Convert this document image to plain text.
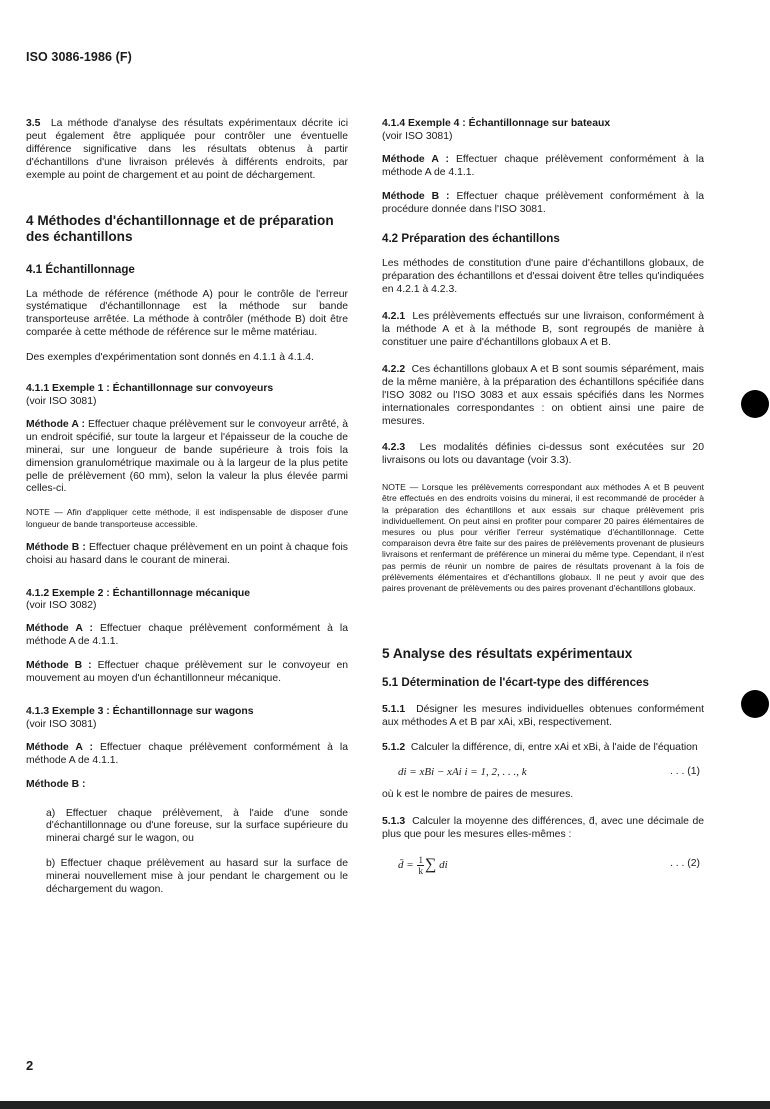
ISO 3086-1986 (F)

3.5 La méthode d'analyse des résultats expérimentaux décrite ici peut également être appliquée pour contrôler une éventuelle différence significative dans les résultats obtenus à partir d'échantillons d'une livraison prélevés à différents endroits, par exemple au point de chargement et au point de déchargement.

4 Méthodes d'échantillonnage et de préparation des échantillons
4.1 Échantillonnage

La méthode de référence (méthode A) pour le contrôle de l'erreur systématique d'échantillonnage est la méthode sur bande transporteuse arrêtée. La méthode à contrôler (méthode B) doit être comparée à cette méthode de référence sur le même matériau.

Des exemples d'expérimentation sont donnés en 4.1.1 à 4.1.4.

4.1.1 Exemple 1 : Échantillonnage sur convoyeurs

(voir ISO 3081)

Méthode A : Effectuer chaque prélèvement sur le convoyeur arrêté, à un endroit spécifié, sur toute la largeur et l'épaisseur de la couche de minerai, sur une longueur de bande supérieure à trois fois la dimension granulométrique maximale ou à la largeur de la plus petite pelle de prélèvement (60 mm), selon la valeur la plus élevée parmi celles-ci.

NOTE — Afin d'appliquer cette méthode, il est indispensable de disposer d'une longueur de bande transporteuse accessible.

Méthode B : Effectuer chaque prélèvement en un point à chaque fois choisi au hasard dans le courant de minerai.

4.1.2 Exemple 2 : Échantillonnage mécanique

(voir ISO 3082)

Méthode A : Effectuer chaque prélèvement conformément à la méthode A de 4.1.1.

Méthode B : Effectuer chaque prélèvement sur le convoyeur en mouvement au moyen d'un échantillonneur mécanique.

4.1.3 Exemple 3 : Échantillonnage sur wagons

(voir ISO 3081)

Méthode A : Effectuer chaque prélèvement conformément à la méthode A de 4.1.1.

Méthode B :

a) Effectuer chaque prélèvement, à l'aide d'une sonde d'échantillonnage ou d'une foreuse, sur la surface supérieure du minerai chargé sur le wagon, ou

b) Effectuer chaque prélèvement au hasard sur la surface de minerai nouvellement mise à jour pendant le chargement ou le déchargement du wagon.

4.1.4 Exemple 4 : Échantillonnage sur bateaux

(voir ISO 3081)

Méthode A : Effectuer chaque prélèvement conformément à la méthode A de 4.1.1.

Méthode B : Effectuer chaque prélèvement conformément à la procédure donnée dans l'ISO 3081.

4.2 Préparation des échantillons

Les méthodes de constitution d'une paire d'échantillons globaux, de préparation des échantillons et d'essai doivent être telles qu'indiquées en 4.2.1 à 4.2.3.

4.2.1 Les prélèvements effectués sur une livraison, conformément à la méthode A et à la méthode B, sont regroupés de manière à constituer une paire d'échantillons globaux A et B.

4.2.2 Ces échantillons globaux A et B sont soumis séparément, mais de la même manière, à la préparation des échantillons spécifiée dans l'ISO 3082 ou l'ISO 3083 et aux essais spécifiés dans les Normes internationales correspondantes : on obtient ainsi une paire de mesures.

4.2.3 Les modalités définies ci-dessus sont exécutées sur 20 livraisons ou lots ou davantage (voir 3.3).

NOTE — Lorsque les prélèvements correspondant aux méthodes A et B peuvent être effectués en des endroits voisins du minerai, il est recommandé de procéder à la préparation des échantillons et aux essais sur chaque prélèvement pris individuellement. On peut ainsi en profiter pour comparer 20 paires élémentaires de mesures ou plus pour vérifier l'erreur systématique d'échantillonnage. Cette comparaison devra être faite sur des paires de prélèvements provenant de plusieurs livraisons et renfermant de préférence un minerai du même type. Cependant, il n'est pas permis de réunir un nombre de paires de résultats provenant à la fois de prélèvements élémentaires et d'échantillons globaux. Il ne peut y avoir que des paires provenant de prélèvements ou des paires provenant d'échantillons globaux.

5 Analyse des résultats expérimentaux
5.1 Détermination de l'écart-type des différences

5.1.1 Désigner les mesures individuelles obtenues conformément aux méthodes A et B par xAi, xBi, respectivement.

5.1.2 Calculer la différence, di, entre xAi et xBi, à l'aide de l'équation

di = xBi − xAi i = 1, 2, . . ., k	. . . (1)

où k est le nombre de paires de mesures.

5.1.3 Calculer la moyenne des différences, d̄, avec une décimale de plus que pour les mesures elles-mêmes :

d̄ = $\frac{1}{k}$ ∑ di	. . . (2)
2
